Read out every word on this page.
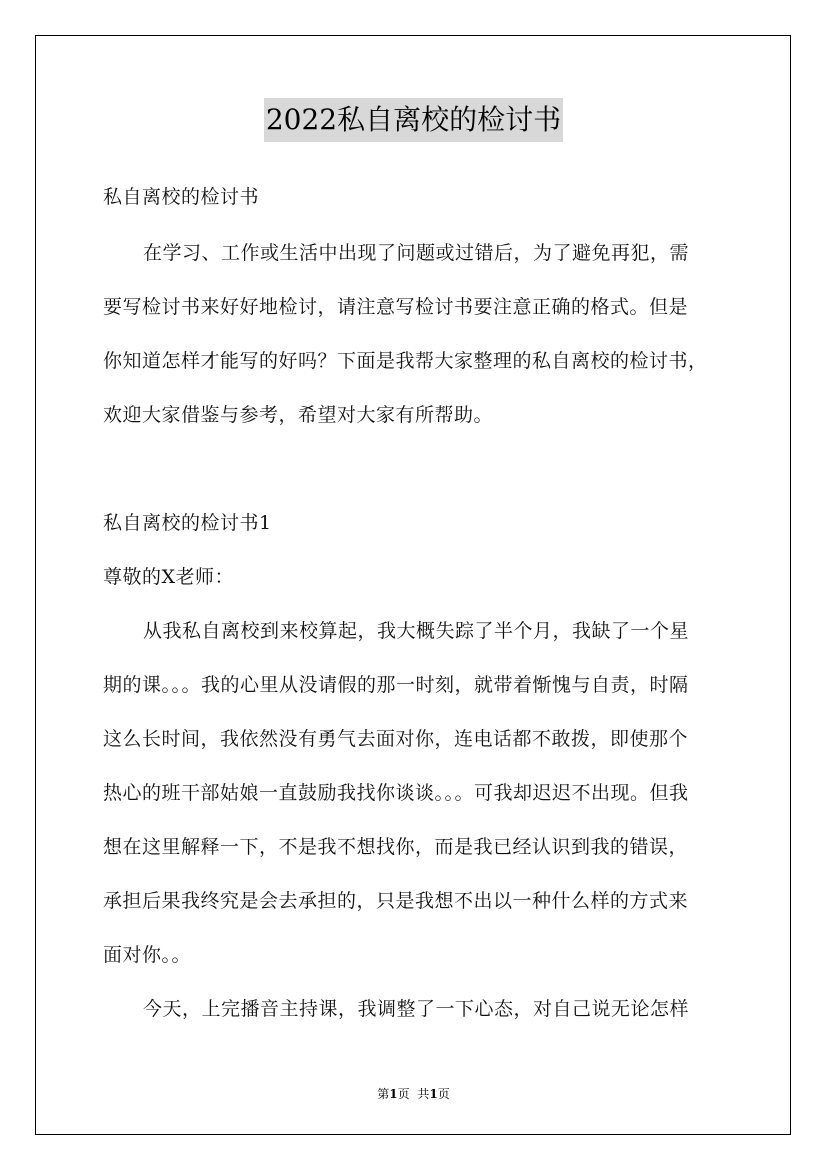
2022私自离校的检讨书
私自离校的检讨书
在学习、工作或生活中出现了问题或过错后，为了避免再犯，需
要写检讨书来好好地检讨，请注意写检讨书要注意正确的格式。但是
你知道怎样才能写的好吗？下面是我帮大家整理的私自离校的检讨书，
欢迎大家借鉴与参考，希望对大家有所帮助。
私自离校的检讨书1
尊敬的X老师：
从我私自离校到来校算起，我大概失踪了半个月，我缺了一个星
期的课。。。我的心里从没请假的那一时刻，就带着惭愧与自责，时隔
这么长时间，我依然没有勇气去面对你，连电话都不敢拨，即使那个
热心的班干部姑娘一直鼓励我找你谈谈。。。可我却迟迟不出现。但我
想在这里解释一下，不是我不想找你，而是我已经认识到我的错误，
承担后果我终究是会去承担的，只是我想不出以一种什么样的方式来
面对你。。
今天，上完播音主持课，我调整了一下心态，对自己说无论怎样
第1页 共1页
